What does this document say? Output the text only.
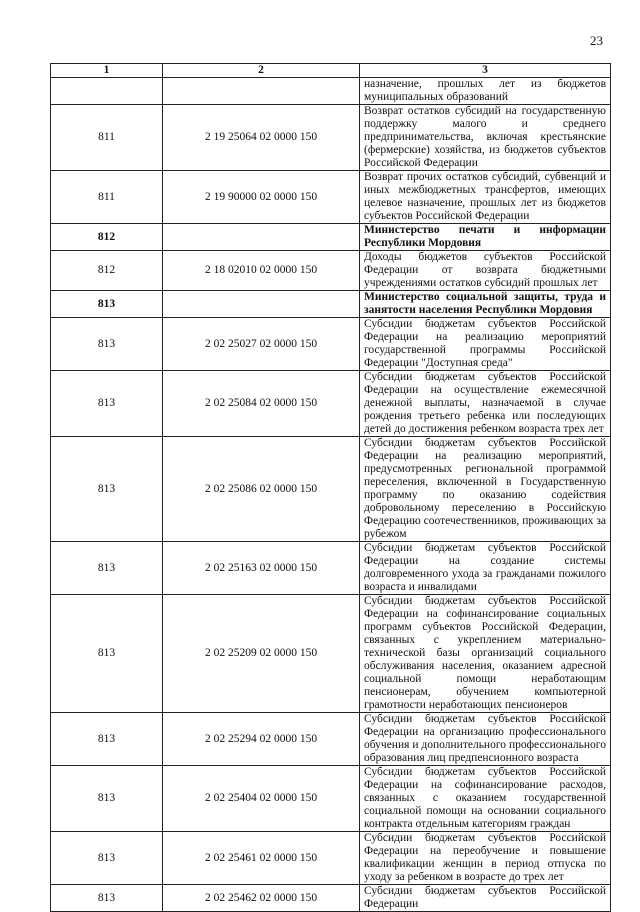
23
1	2	3
		назначение, прошлых лет из бюджетов муниципальных образований
811	2 19 25064 02 0000 150	Возврат остатков субсидий на государственную поддержку малого и среднего предпринимательства, включая крестьянские (фермерские) хозяйства, из бюджетов субъектов Российской Федерации
811	2 19 90000 02 0000 150	Возврат прочих остатков субсидий, субвенций и иных межбюджетных трансфертов, имеющих целевое назначение, прошлых лет из бюджетов субъектов Российской Федерации
812		Министерство печати и информации Республики Мордовия
812	2 18 02010 02 0000 150	Доходы бюджетов субъектов Российской Федерации от возврата бюджетными учреждениями остатков субсидий прошлых лет
813		Министерство социальной защиты, труда и занятости населения Республики Мордовия
813	2 02 25027 02 0000 150	Субсидии бюджетам субъектов Российской Федерации на реализацию мероприятий государственной программы Российской Федерации "Доступная среда"
813	2 02 25084 02 0000 150	Субсидии бюджетам субъектов Российской Федерации на осуществление ежемесячной денежной выплаты, назначаемой в случае рождения третьего ребенка или последующих детей до достижения ребенком возраста трех лет
813	2 02 25086 02 0000 150	Субсидии бюджетам субъектов Российской Федерации на реализацию мероприятий, предусмотренных региональной программой переселения, включенной в Государственную программу по оказанию содействия добровольному переселению в Российскую Федерацию соотечественников, проживающих за рубежом
813	2 02 25163 02 0000 150	Субсидии бюджетам субъектов Российской Федерации на создание системы долговременного ухода за гражданами пожилого возраста и инвалидами
813	2 02 25209 02 0000 150	Субсидии бюджетам субъектов Российской Федерации на софинансирование социальных программ субъектов Российской Федерации, связанных с укреплением материально-технической базы организаций социального обслуживания населения, оказанием адресной социальной помощи неработающим пенсионерам, обучением компьютерной грамотности неработающих пенсионеров
813	2 02 25294 02 0000 150	Субсидии бюджетам субъектов Российской Федерации на организацию профессионального обучения и дополнительного профессионального образования лиц предпенсионного возраста
813	2 02 25404 02 0000 150	Субсидии бюджетам субъектов Российской Федерации на софинансирование расходов, связанных с оказанием государственной социальной помощи на основании социального контракта отдельным категориям граждан
813	2 02 25461 02 0000 150	Субсидии бюджетам субъектов Российской Федерации на переобучение и повышение квалификации женщин в период отпуска по уходу за ребенком в возрасте до трех лет
813	2 02 25462 02 0000 150	Субсидии бюджетам субъектов Российской Федерации
